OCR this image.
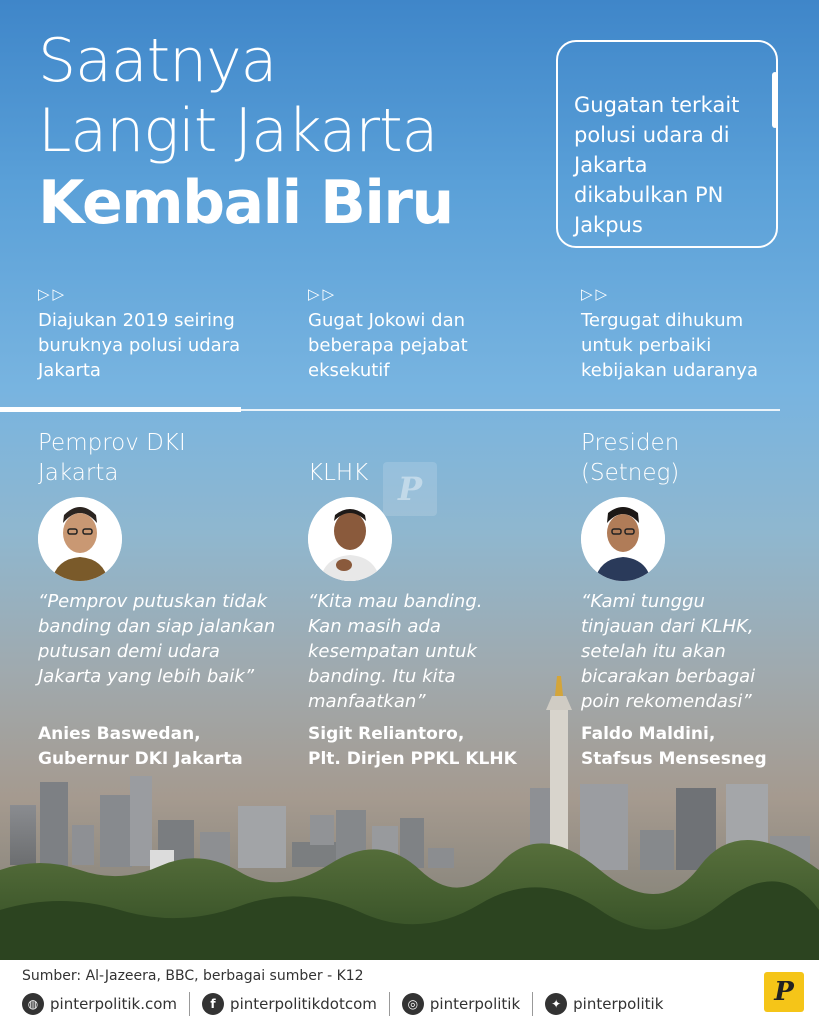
Saatnya
Langit Jakarta
Kembali Biru
Gugatan terkait polusi udara di Jakarta dikabulkan PN Jakpus
▷▷
Diajukan 2019 seiring buruknya polusi udara Jakarta
▷▷
Gugat Jokowi dan beberapa pejabat eksekutif
▷▷
Tergugat dihukum untuk perbaiki kebijakan udaranya
P
Pemprov DKI Jakarta
“Pemprov putuskan tidak banding dan siap jalankan putusan demi udara Jakarta yang lebih baik”
Anies Baswedan,
Gubernur DKI Jakarta
KLHK
“Kita mau banding. Kan masih ada kesempatan untuk banding. Itu kita manfaatkan”
Sigit Reliantoro,
Plt. Dirjen PPKL KLHK
Presiden (Setneg)
“Kami tunggu tinjauan dari KLHK, setelah itu akan bicarakan berbagai poin rekomendasi”
Faldo Maldini,
Stafsus Mensesneg
Sumber: Al-Jazeera, BBC, berbagai sumber - K12
◍ pinterpolitik.com	f pinterpolitikdotcom	◎ pinterpolitik	✦ pinterpolitik	P
